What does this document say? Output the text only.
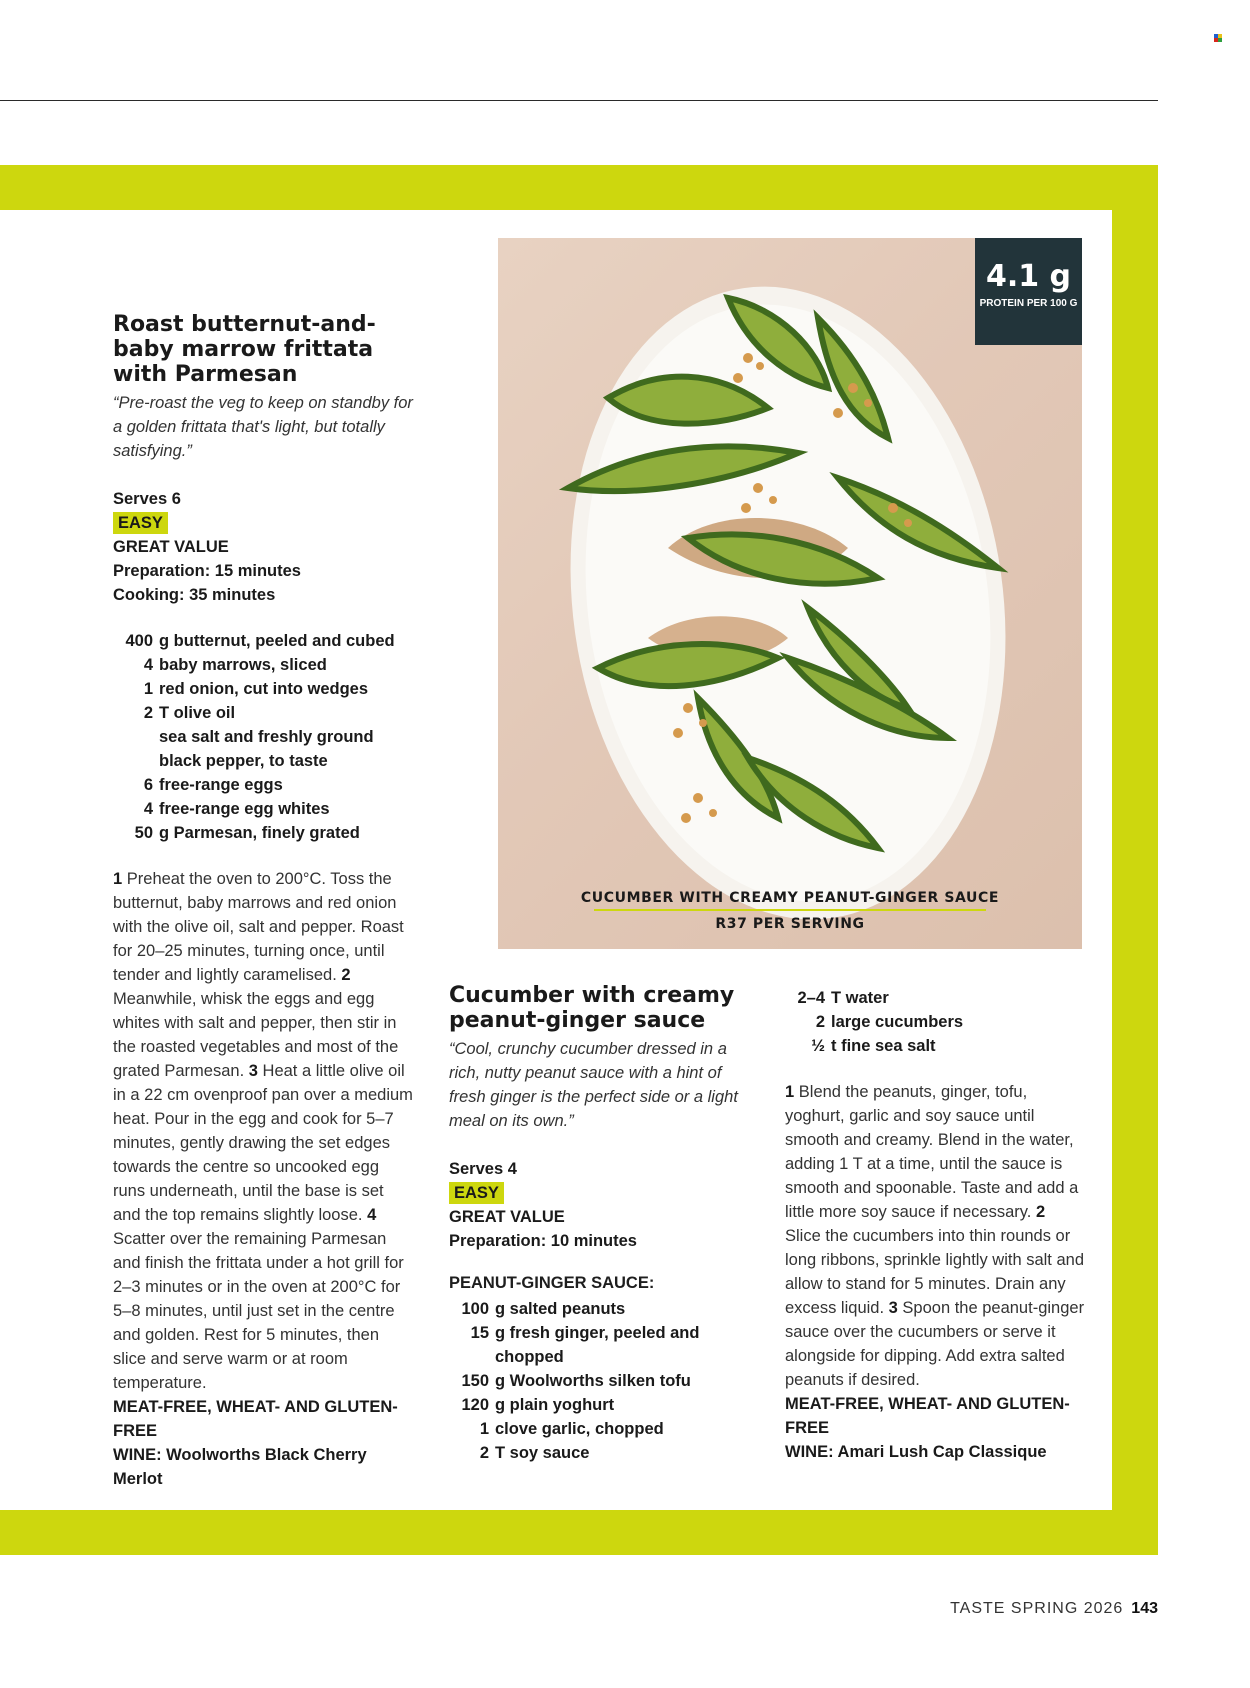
Roast butternut-and-baby marrow frittata with Parmesan

“Pre-roast the veg to keep on standby for a golden frittata that's light, but totally satisfying.”

Serves 6
EASY
GREAT VALUE
Preparation: 15 minutes
Cooking: 35 minutes
400 g butternut, peeled and cubed
4 baby marrows, sliced
1 red onion, cut into wedges
2 T olive oil
sea salt and freshly ground black pepper, to taste
6 free-range eggs
4 free-range egg whites
50 g Parmesan, finely grated
1 Preheat the oven to 200°C. Toss the butternut, baby marrows and red onion with the olive oil, salt and pepper. Roast for 20–25 minutes, turning once, until tender and lightly caramelised. 2 Meanwhile, whisk the eggs and egg whites with salt and pepper, then stir in the roasted vegetables and most of the grated Parmesan. 3 Heat a little olive oil in a 22 cm ovenproof pan over a medium heat. Pour in the egg and cook for 5–7 minutes, gently drawing the set edges towards the centre so uncooked egg runs underneath, until the base is set and the top remains slightly loose. 4 Scatter over the remaining Parmesan and finish the frittata under a hot grill for 2–3 minutes or in the oven at 200°C for 5–8 minutes, until just set in the centre and golden. Rest for 5 minutes, then slice and serve warm or at room temperature.
MEAT-FREE, WHEAT- AND GLUTEN-FREE
WINE: Woolworths Black Cherry Merlot
4.1 g
PROTEIN PER 100 G
CUCUMBER WITH CREAMY PEANUT-GINGER SAUCE
R37 PER SERVING
Cucumber with creamy peanut-ginger sauce

“Cool, crunchy cucumber dressed in a rich, nutty peanut sauce with a hint of fresh ginger is the perfect side or a light meal on its own.”

Serves 4
EASY
GREAT VALUE
Preparation: 10 minutes
PEANUT-GINGER SAUCE:
100 g salted peanuts
15 g fresh ginger, peeled and chopped
150 g Woolworths silken tofu
120 g plain yoghurt
1 clove garlic, chopped
2 T soy sauce
2–4 T water
2 large cucumbers
½ t fine sea salt
1 Blend the peanuts, ginger, tofu, yoghurt, garlic and soy sauce until smooth and creamy. Blend in the water, adding 1 T at a time, until the sauce is smooth and spoonable. Taste and add a little more soy sauce if necessary. 2 Slice the cucumbers into thin rounds or long ribbons, sprinkle lightly with salt and allow to stand for 5 minutes. Drain any excess liquid. 3 Spoon the peanut-ginger sauce over the cucumbers or serve it alongside for dipping. Add extra salted peanuts if desired.
MEAT-FREE, WHEAT- AND GLUTEN-FREE
WINE: Amari Lush Cap Classique
TASTE SPRING 2026 143
